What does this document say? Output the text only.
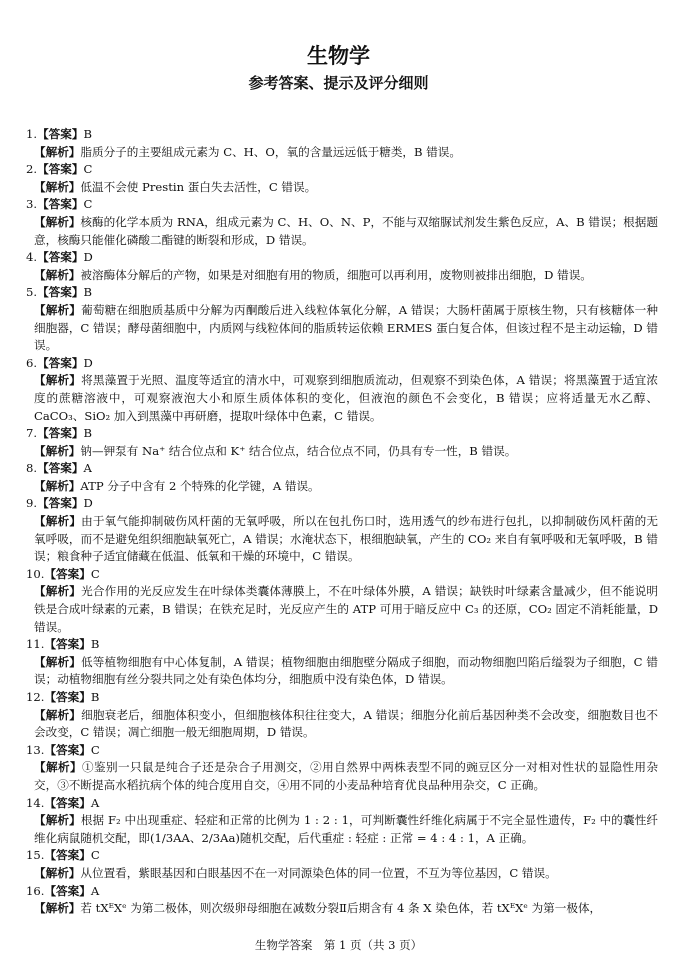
生物学
参考答案、提示及评分细则
1.【答案】B
【解析】脂质分子的主要組成元素为 C、H、O，氧的含量远远低于糖类，B 错误。
2.【答案】C
【解析】低温不会使 Prestin 蛋白失去活性，C 错误。
3.【答案】C
【解析】核酶的化学本质为 RNA，组成元素为 C、H、O、N、P，不能与双缩脲试剂发生紫色反应，A、B 错误；根据题意，核酶只能催化磷酸二酯键的断裂和形成，D 错误。
4.【答案】D
【解析】被溶酶体分解后的产物，如果是对细胞有用的物质，细胞可以再利用，废物则被排出细胞，D 错误。
5.【答案】B
【解析】葡萄糖在细胞质基质中分解为丙酮酸后进入线粒体氧化分解，A 错误；大肠杆菌属于原核生物，只有核糖体一种细胞器，C 错误；酵母菌细胞中，内质网与线粒体间的脂质转运依赖 ERMES 蛋白复合体，但该过程不是主动运输，D 错误。
6.【答案】D
【解析】将黑藻置于光照、温度等适宜的清水中，可观察到细胞质流动，但观察不到染色体，A 错误；将黑藻置于适宜浓度的蔗糖溶液中，可观察液泡大小和原生质体体积的变化，但液泡的颜色不会变化，B 错误；应将适量无水乙醇、CaCO₃、SiO₂ 加入到黑藻中再研磨，提取叶绿体中色素，C 错误。
7.【答案】B
【解析】钠—钾泵有 Na⁺ 结合位点和 K⁺ 结合位点，结合位点不同，仍具有专一性，B 错误。
8.【答案】A
【解析】ATP 分子中含有 2 个特殊的化学键，A 错误。
9.【答案】D
【解析】由于氧气能抑制破伤风杆菌的无氧呼吸，所以在包扎伤口时，选用透气的纱布进行包扎，以抑制破伤风杆菌的无氧呼吸，而不是避免组织细胞缺氧死亡，A 错误；水淹状态下，根细胞缺氧，产生的 CO₂ 来自有氧呼吸和无氧呼吸，B 错误；粮食种子适宜储藏在低温、低氧和干燥的环境中，C 错误。
10.【答案】C
【解析】光合作用的光反应发生在叶绿体类囊体薄膜上，不在叶绿体外膜，A 错误；缺铁时叶绿素含量减少，但不能说明铁是合成叶绿素的元素，B 错误；在铁充足时，光反应产生的 ATP 可用于暗反应中 C₃ 的还原，CO₂ 固定不消耗能量，D 错误。
11.【答案】B
【解析】低等植物细胞有中心体复制，A 错误；植物细胞由细胞壁分隔成子细胞，而动物细胞凹陷后缢裂为子细胞，C 错误；动植物细胞有丝分裂共同之处有染色体均分，细胞质中没有染色体，D 错误。
12.【答案】B
【解析】细胞衰老后，细胞体积变小，但细胞核体积往往变大，A 错误；细胞分化前后基因种类不会改变，细胞数目也不会改变，C 错误；凋亡细胞一般无细胞周期，D 错误。
13.【答案】C
【解析】①鉴别一只鼠是纯合子还是杂合子用测交，②用自然界中两株表型不同的豌豆区分一对相对性状的显隐性用杂交，③不断提高水稻抗病个体的纯合度用自交，④用不同的小麦品种培育优良品种用杂交，C 正确。
14.【答案】A
【解析】根据 F₂ 中出现重症、轻症和正常的比例为 1 : 2 : 1，可判断囊性纤维化病属于不完全显性遗传，F₂ 中的囊性纤维化病鼠随机交配，即(1/3AA、2/3Aa)随机交配，后代重症 : 轻症 : 正常 = 4 : 4 : 1，A 正确。
15.【答案】C
【解析】从位置看，紫眼基因和白眼基因不在一对同源染色体的同一位置，不互为等位基因，C 错误。
16.【答案】A
【解析】若 tXᴱXᵉ 为第二极体，则次级卵母细胞在减数分裂Ⅱ后期含有 4 条 X 染色体，若 tXᴱXᵉ 为第一极体，
生物学答案　第 1 页（共 3 页）
